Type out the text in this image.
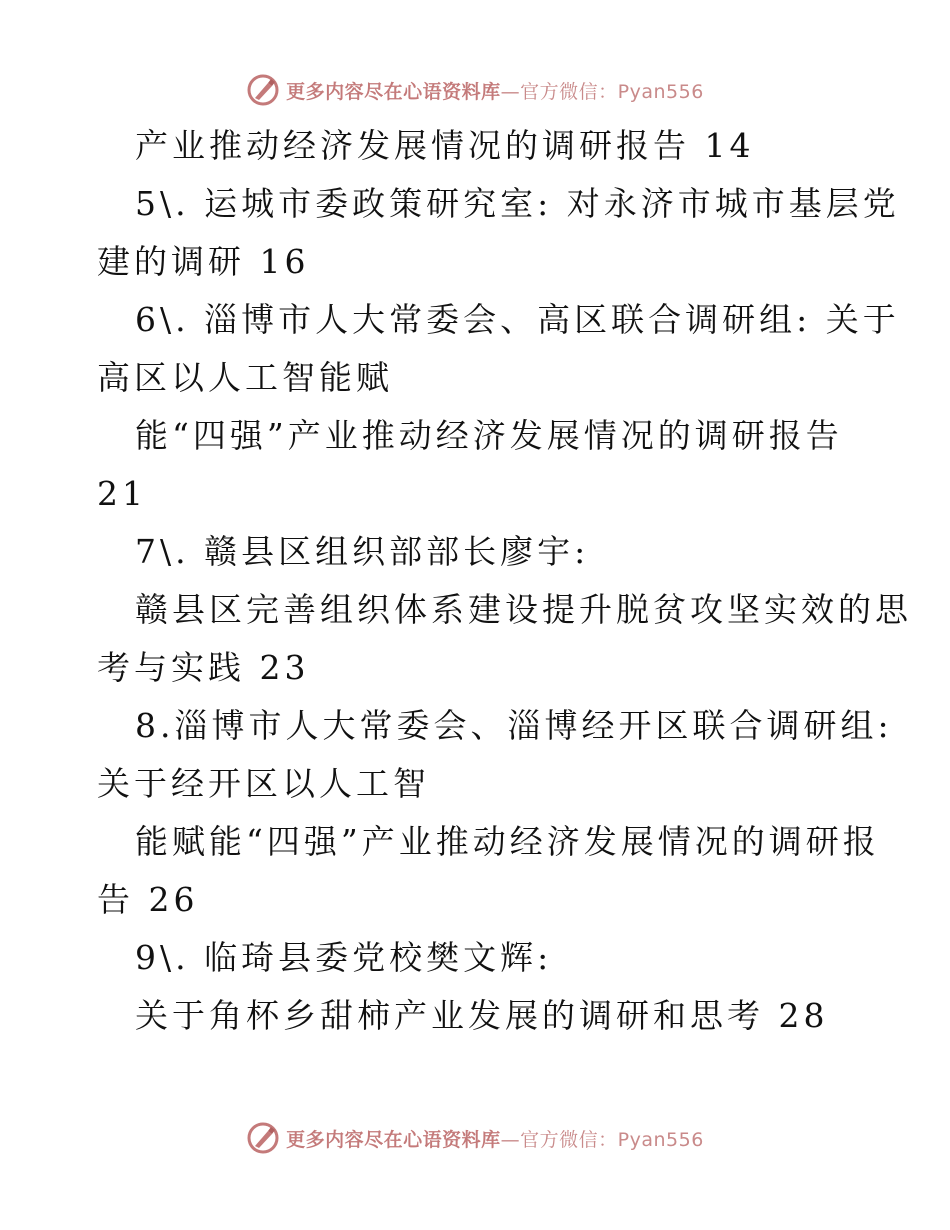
更多内容尽在心语资料库—官方微信：Pyan556
产业推动经济发展情况的调研报告 14
5\. 运城市委政策研究室: 对永济市城市基层党
建的调研 16
6\. 淄博市人大常委会、高区联合调研组: 关于
高区以人工智能赋
能“四强”产业推动经济发展情况的调研报告
21
7\. 赣县区组织部部长廖宇:
赣县区完善组织体系建设提升脱贫攻坚实效的思
考与实践 23
8.淄博市人大常委会、淄博经开区联合调研组:
关于经开区以人工智
能赋能“四强”产业推动经济发展情况的调研报
告 26
9\. 临琦县委党校樊文辉:
关于角杯乡甜柿产业发展的调研和思考 28
更多内容尽在心语资料库—官方微信：Pyan556
